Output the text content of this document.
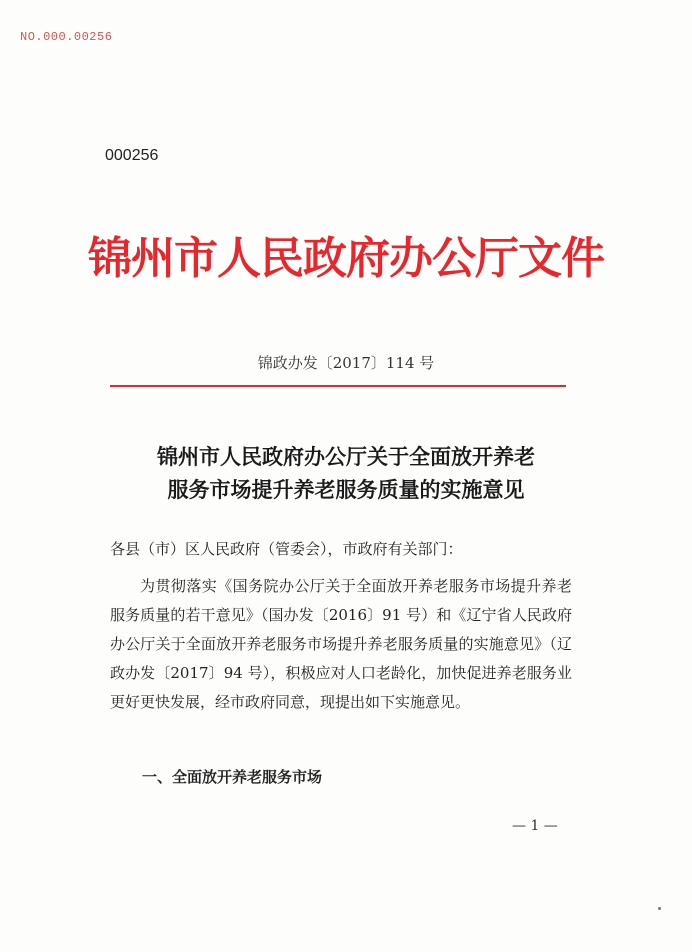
NO.000.00256
000256
锦州市人民政府办公厅文件
锦政办发〔2017〕114 号
锦州市人民政府办公厅关于全面放开养老
服务市场提升养老服务质量的实施意见
各县（市）区人民政府（管委会），市政府有关部门：
为贯彻落实《国务院办公厅关于全面放开养老服务市场提升养老服务质量的若干意见》（国办发〔2016〕91 号）和《辽宁省人民政府办公厅关于全面放开养老服务市场提升养老服务质量的实施意见》（辽政办发〔2017〕94 号），积极应对人口老龄化，加快促进养老服务业更好更快发展，经市政府同意，现提出如下实施意见。
一、全面放开养老服务市场
— 1 —
